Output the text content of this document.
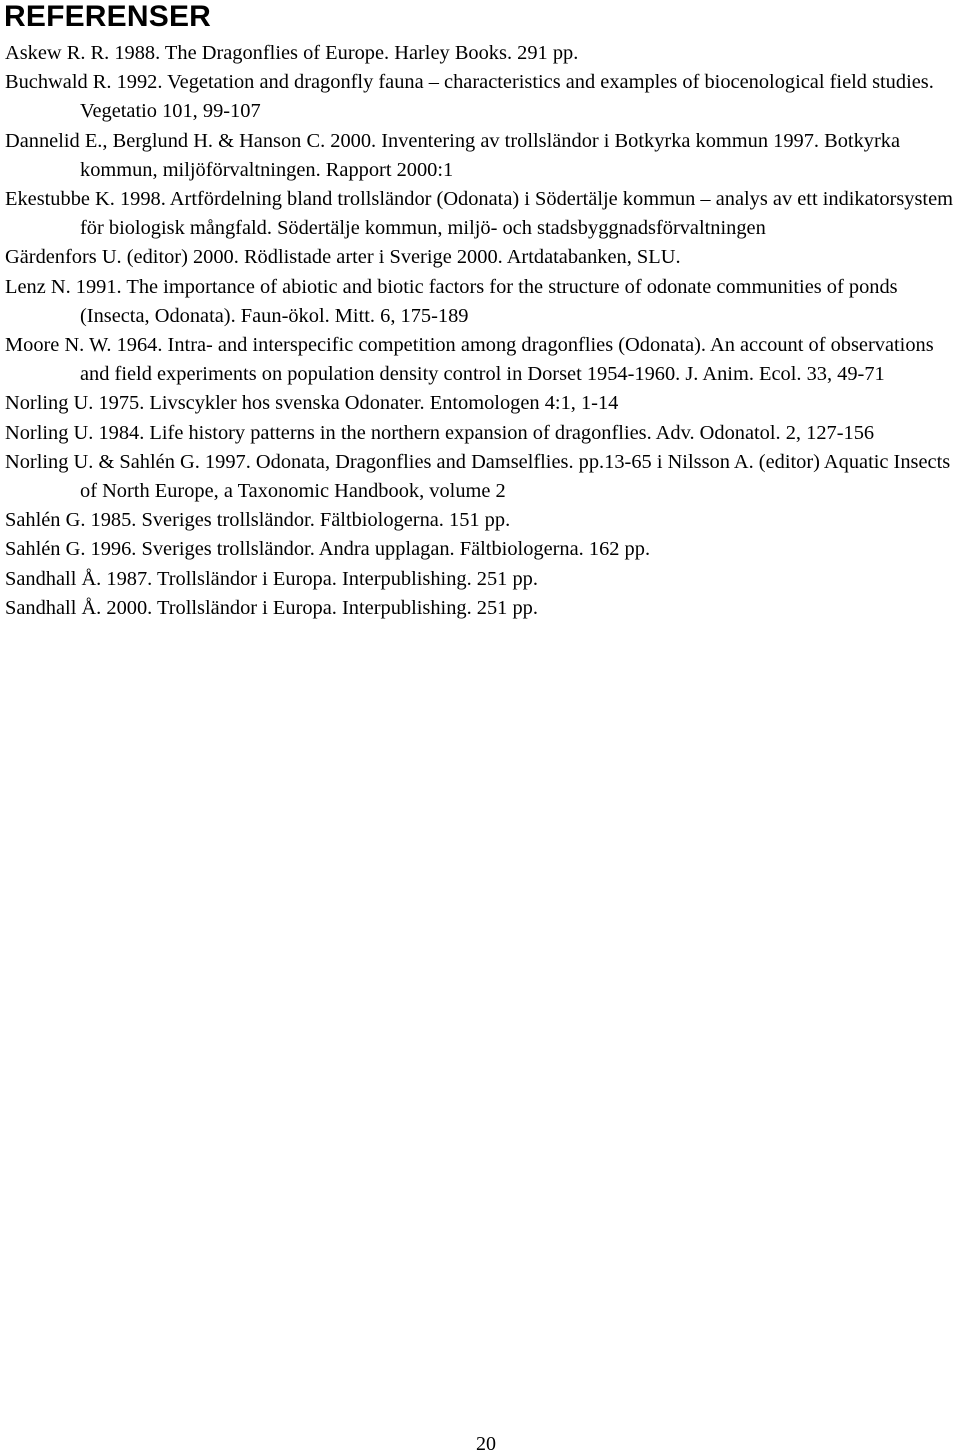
REFERENSER
Askew R. R. 1988. The Dragonflies of Europe. Harley Books. 291 pp.
Buchwald R. 1992. Vegetation and dragonfly fauna – characteristics and examples of biocenological field studies. Vegetatio 101, 99-107
Dannelid E., Berglund H. & Hanson C. 2000. Inventering av trollsländor i Botkyrka kommun 1997. Botkyrka kommun, miljöförvaltningen. Rapport 2000:1
Ekestubbe K. 1998. Artfördelning bland trollsländor (Odonata) i Södertälje kommun – analys av ett indikatorsystem för biologisk mångfald. Södertälje kommun, miljö- och stadsbyggnadsförvaltningen
Gärdenfors U. (editor) 2000. Rödlistade arter i Sverige 2000. Artdatabanken, SLU.
Lenz N. 1991. The importance of abiotic and biotic factors for the structure of odonate communities of ponds (Insecta, Odonata). Faun-ökol. Mitt. 6, 175-189
Moore N. W. 1964. Intra- and interspecific competition among dragonflies (Odonata). An account of observations and field experiments on population density control in Dorset 1954-1960. J. Anim. Ecol. 33, 49-71
Norling U. 1975. Livscykler hos svenska Odonater. Entomologen 4:1, 1-14
Norling U. 1984. Life history patterns in the northern expansion of dragonflies. Adv. Odonatol. 2, 127-156
Norling U. & Sahlén G. 1997. Odonata, Dragonflies and Damselflies. pp.13-65 i Nilsson A. (editor) Aquatic Insects of North Europe, a Taxonomic Handbook, volume 2
Sahlén G. 1985. Sveriges trollsländor. Fältbiologerna. 151 pp.
Sahlén G. 1996. Sveriges trollsländor. Andra upplagan. Fältbiologerna. 162 pp.
Sandhall Å. 1987. Trollsländor i Europa. Interpublishing. 251 pp.
Sandhall Å. 2000. Trollsländor i Europa. Interpublishing. 251 pp.
20
